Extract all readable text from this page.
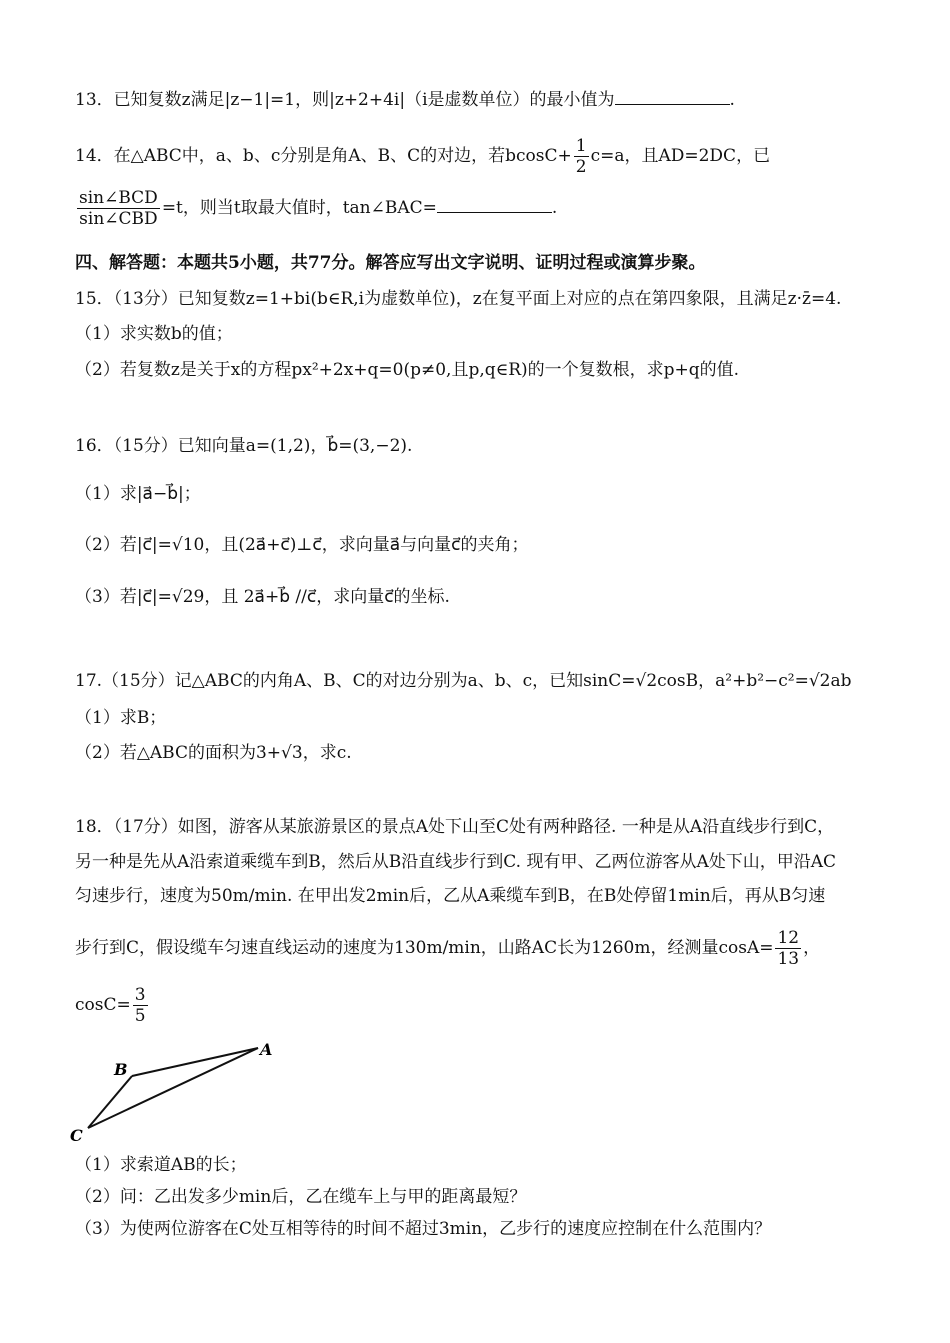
13．已知复数z满足|z−1|=1，则|z+2+4i|（i是虚数单位）的最小值为	.
14．在△ABC中，a、b、c分别是角A、B、C的对边，若$bcosC+ \frac{1}{2} c=a$，且AD=2DC，已
$\frac{\text{sin∠BCD}}{\text{sin∠CBD}} =t$，则当t取最大值时，tan∠BAC=	.
四、解答题：本题共5小题，共77分。解答应写出文字说明、证明过程或演算步聚。
15．（13分）已知复数z=1+bi(b∈R,i为虚数单位)，z在复平面上对应的点在第四象限，且满足z·z̄=4.
（1）求实数b的值；
（2）若复数z是关于x的方程px²+2x+q=0(p≠0,且p,q∈R)的一个复数根，求p+q的值.
16．（15分）已知向量a=(1,2)，b⃗=(3,−2).
（1）求|a⃗−b⃗|；
（2）若|c⃗|=√10，且(2a⃗+c⃗)⊥c⃗，求向量a⃗与向量c⃗的夹角；
（3）若|c⃗|=√29，且 2a⃗+b⃗ //c⃗，求向量c⃗的坐标.
17.（15分）记△ABC的内角A、B、C的对边分别为a、b、c，已知sinC=√2cosB，a²+b²−c²=√2ab
（1）求B；
（2）若△ABC的面积为3+√3，求c.
18．（17分）如图，游客从某旅游景区的景点A处下山至C处有两种路径. 一种是从A沿直线步行到C，
另一种是先从A沿索道乘缆车到B，然后从B沿直线步行到C. 现有甲、乙两位游客从A处下山，甲沿AC
匀速步行，速度为50m/min. 在甲出发2min后，乙从A乘缆车到B，在B处停留1min后，再从B匀速
步行到C，假设缆车匀速直线运动的速度为130m/min，山路AC长为1260m，经测量$\cos A= \frac{12}{13}$ ，
$\cos C= \frac{3}{5}$
A
B
C
（1）求索道AB的长；
（2）问：乙出发多少min后，乙在缆车上与甲的距离最短？
（3）为使两位游客在C处互相等待的时间不超过3min，乙步行的速度应控制在什么范围内？
